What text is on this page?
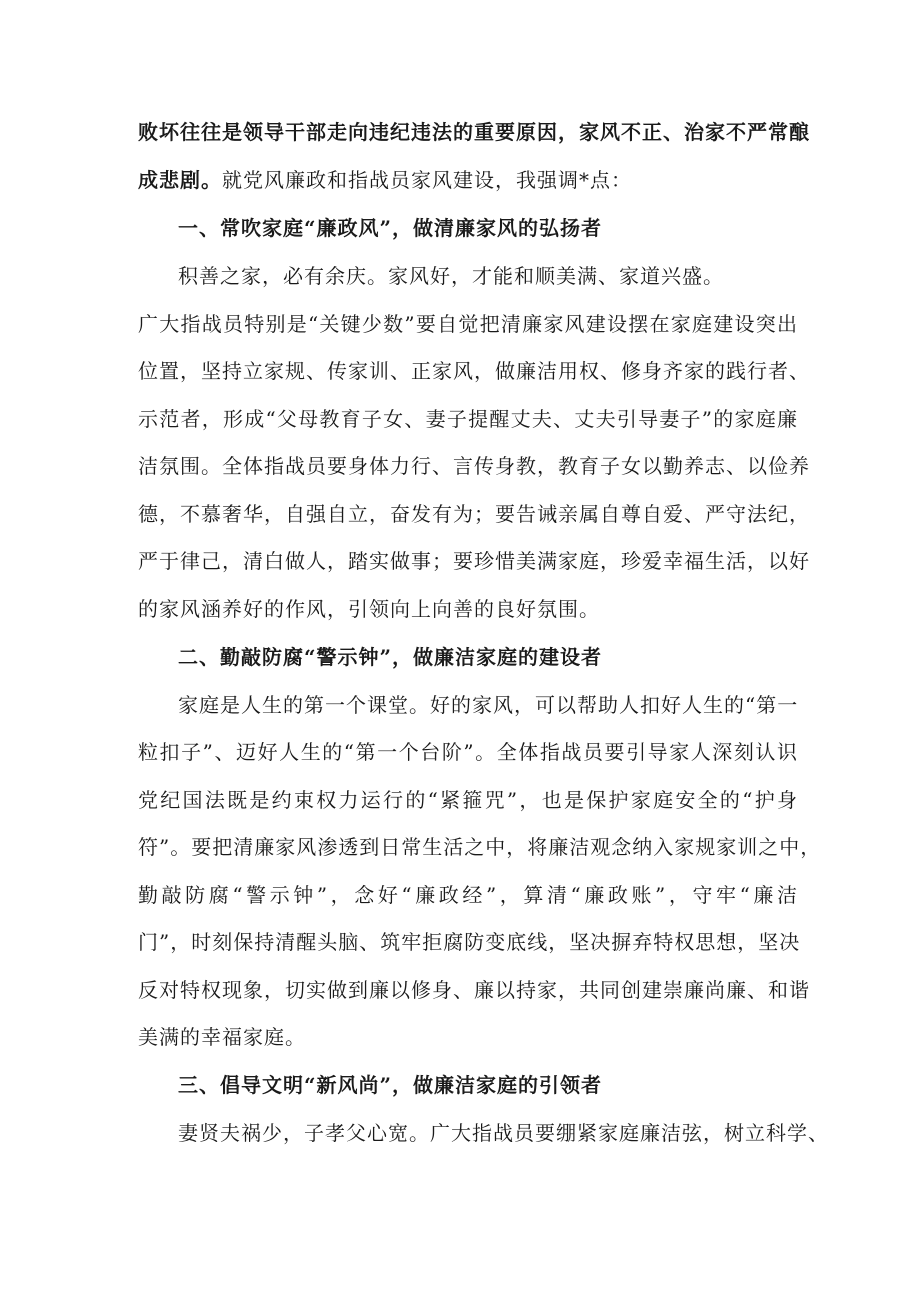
败坏往往是领导干部走向违纪违法的重要原因，家风不正、治家不严常酿
成悲剧。就党风廉政和指战员家风建设，我强调*点：
一、常吹家庭“廉政风”，做清廉家风的弘扬者
积善之家，必有余庆。家风好，才能和顺美满、家道兴盛。
广大指战员特别是“关键少数”要自觉把清廉家风建设摆在家庭建设突出
位置，坚持立家规、传家训、正家风，做廉洁用权、修身齐家的践行者、
示范者，形成“父母教育子女、妻子提醒丈夫、丈夫引导妻子”的家庭廉
洁氛围。全体指战员要身体力行、言传身教，教育子女以勤养志、以俭养
德，不慕奢华，自强自立，奋发有为；要告诫亲属自尊自爱、严守法纪，
严于律己，清白做人，踏实做事；要珍惜美满家庭，珍爱幸福生活，以好
的家风涵养好的作风，引领向上向善的良好氛围。
二、勤敲防腐“警示钟”，做廉洁家庭的建设者
家庭是人生的第一个课堂。好的家风，可以帮助人扣好人生的“第一
粒扣子”、迈好人生的“第一个台阶”。全体指战员要引导家人深刻认识
党纪国法既是约束权力运行的“紧箍咒”，也是保护家庭安全的“护身
符”。要把清廉家风渗透到日常生活之中，将廉洁观念纳入家规家训之中，
勤敲防腐“警示钟”，念好“廉政经”，算清“廉政账”，守牢“廉洁
门”，时刻保持清醒头脑、筑牢拒腐防变底线，坚决摒弃特权思想，坚决
反对特权现象，切实做到廉以修身、廉以持家，共同创建崇廉尚廉、和谐
美满的幸福家庭。
三、倡导文明“新风尚”，做廉洁家庭的引领者
妻贤夫祸少，子孝父心宽。广大指战员要绷紧家庭廉洁弦，树立科学、
